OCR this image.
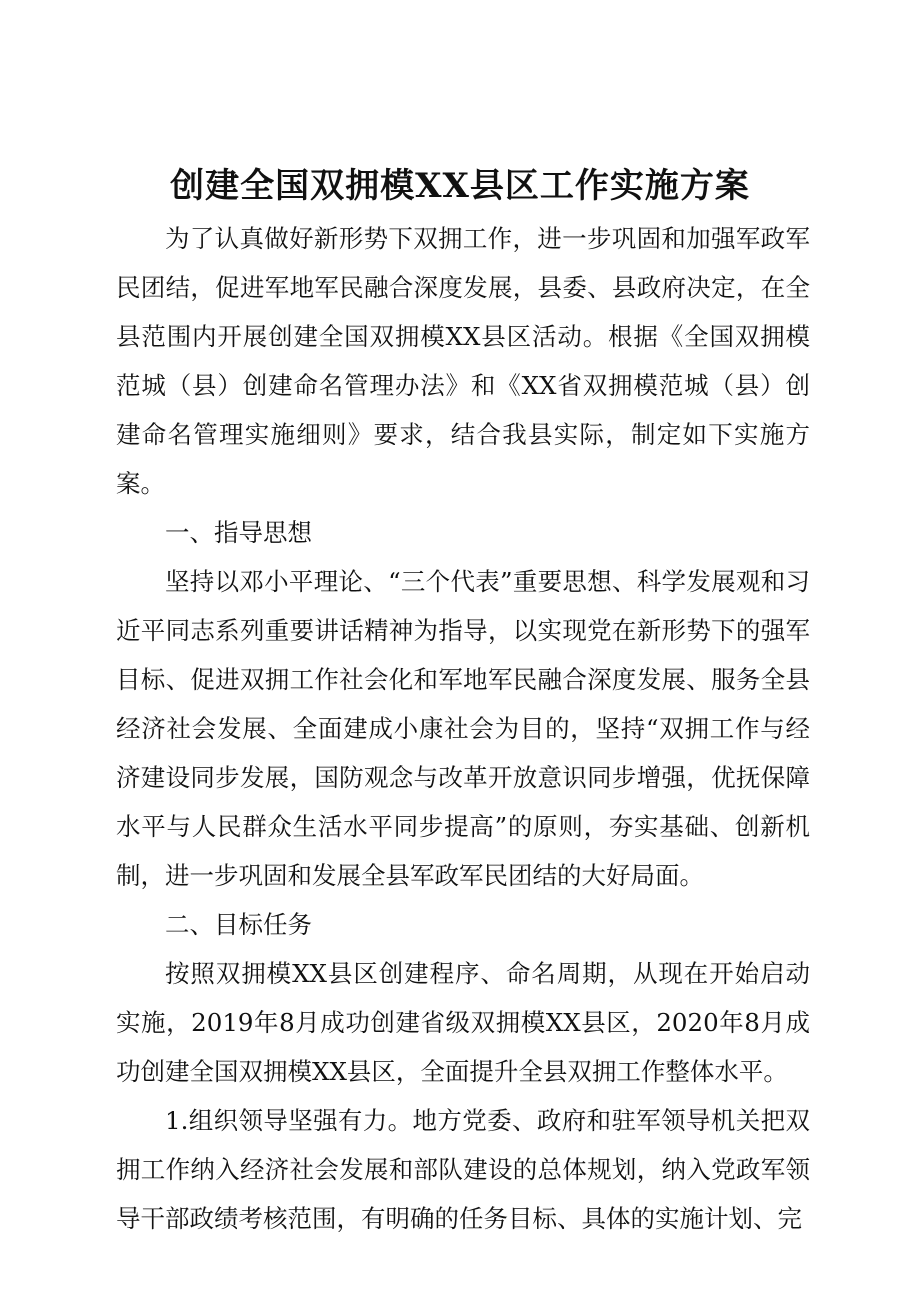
创建全国双拥模XX县区工作实施方案

为了认真做好新形势下双拥工作，进一步巩固和加强军政军民团结，促进军地军民融合深度发展，县委、县政府决定，在全县范围内开展创建全国双拥模XX县区活动。根据《全国双拥模范城（县）创建命名管理办法》和《XX省双拥模范城（县）创建命名管理实施细则》要求，结合我县实际，制定如下实施方案。

一、指导思想

坚持以邓小平理论、“三个代表”重要思想、科学发展观和习近平同志系列重要讲话精神为指导，以实现党在新形势下的强军目标、促进双拥工作社会化和军地军民融合深度发展、服务全县经济社会发展、全面建成小康社会为目的，坚持“双拥工作与经济建设同步发展，国防观念与改革开放意识同步增强，优抚保障水平与人民群众生活水平同步提高”的原则，夯实基础、创新机制，进一步巩固和发展全县军政军民团结的大好局面。

二、目标任务

按照双拥模XX县区创建程序、命名周期，从现在开始启动实施，2019年8月成功创建省级双拥模XX县区，2020年8月成功创建全国双拥模XX县区，全面提升全县双拥工作整体水平。

1.组织领导坚强有力。地方党委、政府和驻军领导机关把双拥工作纳入经济社会发展和部队建设的总体规划，纳入党政军领导干部政绩考核范围，有明确的任务目标、具体的实施计划、完
